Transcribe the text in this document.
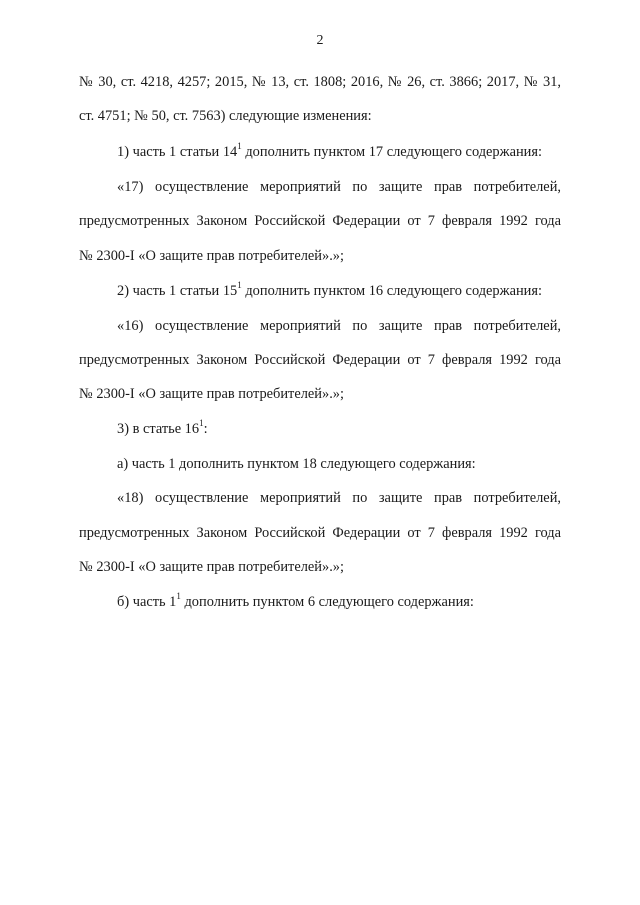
2
№ 30, ст. 4218, 4257; 2015, № 13, ст. 1808; 2016, № 26, ст. 3866; 2017, № 31,
ст. 4751; № 50, ст. 7563) следующие изменения:
1) часть 1 статьи $14^1$ дополнить пунктом 17 следующего содержания:
«17) осуществление мероприятий по защите прав потребителей,
предусмотренных Законом Российской Федерации от 7 февраля 1992 года
№ 2300-I «О защите прав потребителей».»;
2) часть 1 статьи $15^1$ дополнить пунктом 16 следующего содержания:
«16) осуществление мероприятий по защите прав потребителей,
предусмотренных Законом Российской Федерации от 7 февраля 1992 года
№ 2300-I «О защите прав потребителей».»;
3) в статье $16^1$:
а) часть 1 дополнить пунктом 18 следующего содержания:
«18) осуществление мероприятий по защите прав потребителей,
предусмотренных Законом Российской Федерации от 7 февраля 1992 года
№ 2300-I «О защите прав потребителей».»;
б) часть $1^1$ дополнить пунктом 6 следующего содержания:
